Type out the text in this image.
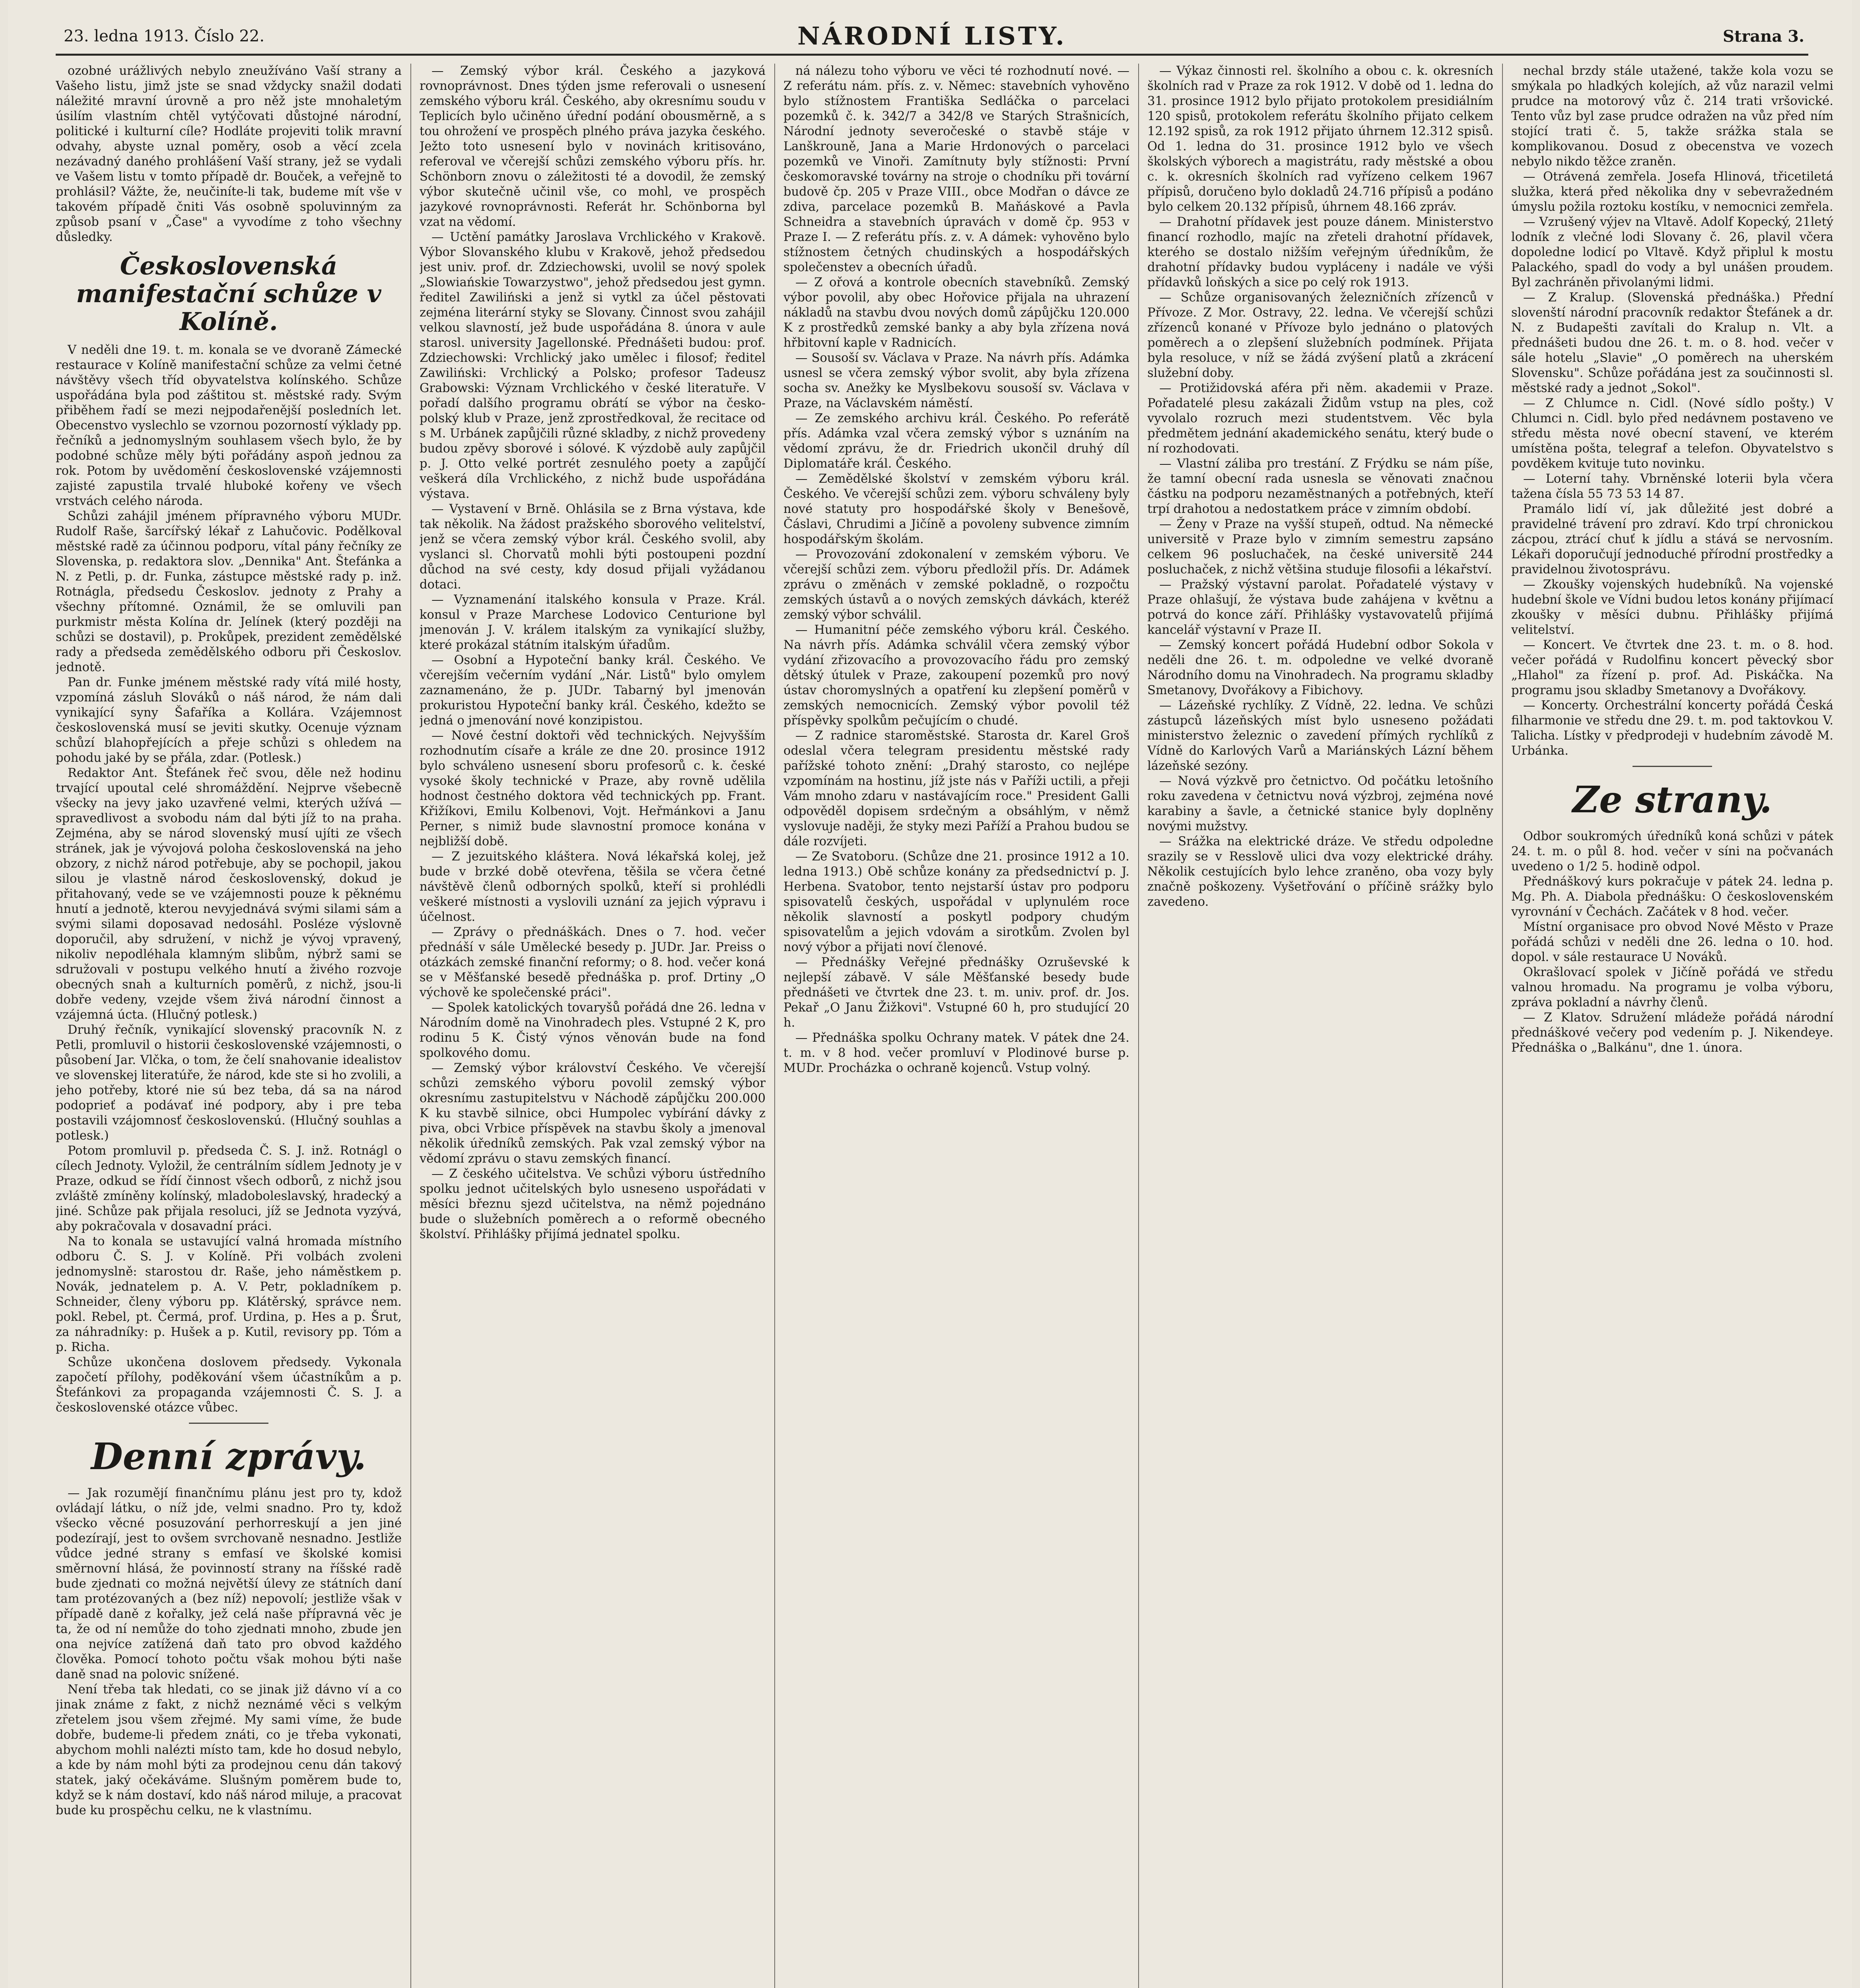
23. ledna 1913. Číslo 22.	NÁRODNÍ LISTY.	Strana 3.

ozobné urážlivých nebylo zneužíváno Vaší strany a Vašeho listu, jimž jste se snad vždycky snažil dodati náležité mravní úrovně a pro něž jste mnohaletým úsilím vlastním chtěl vytýčovati důstojné národní, politické i kulturní cíle? Hodláte projeviti tolik mravní odvahy, abyste uznal poměry, osob a věcí zcela nezávadný daného prohlášení Vaší strany, jež se vydali ve Vašem listu v tomto případě dr. Bouček, a veřejně to prohlásil? Vážte, že, neučiníte-li tak, budeme mít vše v takovém případě čniti Vás osobně spoluvinným za způsob psaní v „Čase" a vyvodíme z toho všechny důsledky.

Československá manifestační schůze v Kolíně.

V neděli dne 19. t. m. konala se ve dvoraně Zámecké restaurace v Kolíně manifestační schůze za velmi četné návštěvy všech tříd obyvatelstva kolínského. Schůze uspořádána byla pod záštitou st. městské rady. Svým přiběhem řadí se mezi nejpodařenější posledních let. Obecenstvo vyslechlo se vzornou pozorností výklady pp. řečníků a jednomyslným souhlasem všech bylo, že by podobné schůze měly býti pořádány aspoň jednou za rok. Potom by uvědomění československé vzájemnosti zajisté zapustila trvalé hluboké kořeny ve všech vrstvách celého národa.

Schůzi zahájil jménem přípravného výboru MUDr. Rudolf Raše, šarcířský lékař z Lahučovic. Podělkoval městské radě za účinnou podporu, vítal pány řečníky ze Slovenska, p. redaktora slov. „Dennika" Ant. Štefánka a N. z Petli, p. dr. Funka, zástupce městské rady p. inž. Rotnágla, předsedu Českoslov. jednoty z Prahy a všechny přítomné. Oznámil, že se omluvili pan purkmistr města Kolína dr. Jelínek (který později na schůzi se dostavil), p. Prokůpek, prezident zemědělské rady a předseda zemědělského odboru při Českoslov. jednotě.

Pan dr. Funke jménem městské rady vítá milé hosty, vzpomíná zásluh Slováků o náš národ, že nám dali vynikající syny Šafaříka a Kollára. Vzájemnost československá musí se jeviti skutky. Ocenuje význam schůzí blahopřejících a přeje schůzi s ohledem na pohodu jaké by se přála, zdar. (Potlesk.)

Redaktor Ant. Štefánek řeč svou, děle než hodinu trvající upoutal celé shromáždění. Nejprve všebecně všecky na jevy jako uzavřené velmi, kterých užívá — spravedlivost a svobodu nám dal býti jíž to na praha. Zejména, aby se národ slovenský musí ujíti ze všech stránek, jak je vývojová poloha československá na jeho obzory, z nichž národ potřebuje, aby se pochopil, jakou silou je vlastně národ československý, dokud je přitahovaný, vede se ve vzájemnosti pouze k pěknému hnutí a jednotě, kterou nevyjednává svými silami sám a svými silami doposavad nedosáhl. Posléze výslovně doporučil, aby sdružení, v nichž je vývoj vpravený, nikoliv nepodléhala klamným slibům, nýbrž sami se sdružovali v postupu velkého hnutí a živého rozvoje obecných snah a kulturních poměrů, z nichž, jsou-li dobře vedeny, vzejde všem živá národní činnost a vzájemná úcta. (Hlučný potlesk.)

Druhý řečník, vynikající slovenský pracovník N. z Petli, promluvil o historii československé vzájemnosti, o působení Jar. Vlčka, o tom, že čelí snahovanie idealistov ve slovenskej literatúře, že národ, kde ste si ho zvolili, a jeho potřeby, ktoré nie sú bez teba, dá sa na národ podoprieť a podávať iné podpory, aby i pre teba postavili vzájomnosť československú. (Hlučný souhlas a potlesk.)

Potom promluvil p. předseda Č. S. J. inž. Rotnágl o cílech Jednoty. Vyložil, že centrálním sídlem Jednoty je v Praze, odkud se řídí činnost všech odborů, z nichž jsou zvláště zmíněny kolínský, mladoboleslavský, hradecký a jiné. Schůze pak přijala resoluci, jíž se Jednota vyzývá, aby pokračovala v dosavadní práci.

Na to konala se ustavující valná hromada místního odboru Č. S. J. v Kolíně. Při volbách zvoleni jednomyslně: starostou dr. Raše, jeho náměstkem p. Novák, jednatelem p. A. V. Petr, pokladníkem p. Schneider, členy výboru pp. Klátěrský, správce nem. pokl. Rebel, pt. Čermá, prof. Urdina, p. Hes a p. Šrut, za náhradníky: p. Hušek a p. Kutil, revisory pp. Tóm a p. Richa.

Schůze ukončena doslovem předsedy. Vykonala započetí přílohy, poděkování všem účastníkům a p. Štefánkovi za propaganda vzájemnosti Č. S. J. a československé otázce vůbec.

Denní zprávy.

— Jak rozumějí finančnímu plánu jest pro ty, kdož ovládají látku, o níž jde, velmi snadno. Pro ty, kdož všecko věcné posuzování perhorreskují a jen jiné podezírají, jest to ovšem svrchovaně nesnadno. Jestliže vůdce jedné strany s emfasí ve školské komisi směrnovní hlásá, že povinností strany na říšské radě bude zjednati co možná největší úlevy ze státních daní tam protézovaných a (bez níž) nepovolí; jestliže však v případě daně z kořalky, jež celá naše přípravná věc je ta, že od ní nemůže do toho zjednati mnoho, zbude jen ona nejvíce zatížená daň tato pro obvod každého člověka. Pomocí tohoto počtu však mohou býti naše daně snad na polovic snížené.

Není třeba tak hledati, co se jinak již dávno ví a co jinak známe z fakt, z nichž neznámé věci s velkým zřetelem jsou všem zřejmé. My sami víme, že bude dobře, budeme-li předem znáti, co je třeba vykonati, abychom mohli nalézti místo tam, kde ho dosud nebylo, a kde by nám mohl býti za prodejnou cenu dán takový statek, jaký očekáváme. Slušným poměrem bude to, když se k nám dostaví, kdo náš národ miluje, a pracovat bude ku prospěchu celku, ne k vlastnímu.

— Zemský výbor král. Českého a jazyková rovnoprávnost. Dnes týden jsme referovali o usnesení zemského výboru král. Českého, aby okresnímu soudu v Teplicích bylo učiněno úřední podání obousměrně, a s tou ohrožení ve prospěch plného práva jazyka českého. Ježto toto usnesení bylo v novinách kritisováno, referoval ve včerejší schůzi zemského výboru přís. hr. Schönborn znovu o záležitosti té a dovodil, že zemský výbor skutečně učinil vše, co mohl, ve prospěch jazykové rovnoprávnosti. Referát hr. Schönborna byl vzat na vědomí.

— Uctění památky Jaroslava Vrchlického v Krakově. Výbor Slovanského klubu v Krakově, jehož předsedou jest univ. prof. dr. Zdziechowski, uvolil se nový spolek „Slowiańskie Towarzystwo", jehož předsedou jest gymn. ředitel Zawiliński a jenž si vytkl za účel pěstovati zejména literární styky se Slovany. Činnost svou zahájil velkou slavností, jež bude uspořádána 8. února v aule starosl. university Jagellonské. Přednášeti budou: prof. Zdziechowski: Vrchlický jako umělec i filosof; ředitel Zawiliński: Vrchlický a Polsko; profesor Tadeusz Grabowski: Význam Vrchlického v české literatuře. V pořadí dalšího programu obrátí se výbor na česko-polský klub v Praze, jenž zprostředkoval, že recitace od s M. Urbánek zapůjčili různé skladby, z nichž provedeny budou zpěvy sborové i sólové. K výzdobě auly zapůjčil p. J. Otto velké portrét zesnulého poety a zapůjčí veškerá díla Vrchlického, z nichž bude uspořádána výstava.

— Vystavení v Brně. Ohlásila se z Brna výstava, kde tak několik. Na žádost pražského sborového velitelství, jenž se včera zemský výbor král. Českého svolil, aby vyslanci sl. Chorvatů mohli býti postoupeni pozdní důchod na své cesty, kdy dosud přijali vyžádanou dotaci.

— Vyznamenání italského konsula v Praze. Král. konsul v Praze Marchese Lodovico Centurione byl jmenován J. V. králem italským za vynikající služby, které prokázal státním italským úřadům.

— Osobní a Hypoteční banky král. Českého. Ve včerejším večerním vydání „Nár. Listů" bylo omylem zaznamenáno, že p. JUDr. Tabarný byl jmenován prokuristou Hypoteční banky král. Českého, kdežto se jedná o jmenování nové konzipistou.

— Nové čestní doktoři věd technických. Nejvyšším rozhodnutím císaře a krále ze dne 20. prosince 1912 bylo schváleno usnesení sboru profesorů c. k. české vysoké školy technické v Praze, aby rovně udělila hodnost čestného doktora věd technických pp. Frant. Křižíkovi, Emilu Kolbenovi, Vojt. Heřmánkovi a Janu Perner, s nimiž bude slavnostní promoce konána v nejbližší době.

— Z jezuitského kláštera. Nová lékařská kolej, jež bude v brzké době otevřena, těšila se včera četné návštěvě členů odborných spolků, kteří si prohlédli veškeré místnosti a vyslovili uznání za jejich výpravu i účelnost.

— Zprávy o přednáškách. Dnes o 7. hod. večer přednáší v sále Umělecké besedy p. JUDr. Jar. Preiss o otázkách zemské finanční reformy; o 8. hod. večer koná se v Měšťanské besedě přednáška p. prof. Drtiny „O výchově ke společenské práci".

— Spolek katolických tovaryšů pořádá dne 26. ledna v Národním domě na Vinohradech ples. Vstupné 2 K, pro rodinu 5 K. Čistý výnos věnován bude na fond spolkového domu.

— Zemský výbor království Českého. Ve včerejší schůzi zemského výboru povolil zemský výbor okresnímu zastupitelstvu v Náchodě zápůjčku 200.000 K ku stavbě silnice, obci Humpolec vybírání dávky z piva, obci Vrbice příspěvek na stavbu školy a jmenoval několik úředníků zemských. Pak vzal zemský výbor na vědomí zprávu o stavu zemských financí.

— Z českého učitelstva. Ve schůzi výboru ústředního spolku jednot učitelských bylo usneseno uspořádati v měsíci březnu sjezd učitelstva, na němž pojednáno bude o služebních poměrech a o reformě obecného školství. Přihlášky přijímá jednatel spolku.

ná nálezu toho výboru ve věci té rozhodnutí nové. — Z referátu nám. přís. z. v. Němec: stavebních vyhověno bylo stížnostem Františka Sedláčka o parcelaci pozemků č. k. 342/7 a 342/8 ve Starých Strašnicích, Národní jednoty severočeské o stavbě stáje v Lanškrouně, Jana a Marie Hrdonových o parcelaci pozemků ve Vinoři. Zamítnuty byly stížnosti: První českomoravské továrny na stroje o chodníku při tovární budově čp. 205 v Praze VIII., obce Modřan o dávce ze zdiva, parcelace pozemků B. Maňáskové a Pavla Schneidra a stavebních úpravách v domě čp. 953 v Praze I. — Z referátu přís. z. v. A dámek: vyhověno bylo stížnostem četných chudinských a hospodářských společenstev a obecních úřadů.

— Z ořová a kontrole obecních stavebníků. Zemský výbor povolil, aby obec Hořovice přijala na uhrazení nákladů na stavbu dvou nových domů zápůjčku 120.000 K z prostředků zemské banky a aby byla zřízena nová hřbitovní kaple v Radnicích.

— Sousoší sv. Václava v Praze. Na návrh přís. Adámka usnesl se včera zemský výbor svolit, aby byla zřízena socha sv. Anežky ke Myslbekovu sousoší sv. Václava v Praze, na Václavském náměstí.

— Ze zemského archivu král. Českého. Po referátě přís. Adámka vzal včera zemský výbor s uznáním na vědomí zprávu, že dr. Friedrich ukončil druhý díl Diplomatáře král. Českého.

— Zemědělské školství v zemském výboru král. Českého. Ve včerejší schůzi zem. výboru schváleny byly nové statuty pro hospodářské školy v Benešově, Čáslavi, Chrudimi a Jičíně a povoleny subvence zimním hospodářským školám.

— Provozování zdokonalení v zemském výboru. Ve včerejší schůzi zem. výboru předložil přís. Dr. Adámek zprávu o změnách v zemské pokladně, o rozpočtu zemských ústavů a o nových zemských dávkách, kteréž zemský výbor schválil.

— Humanitní péče zemského výboru král. Českého. Na návrh přís. Adámka schválil včera zemský výbor vydání zřizovacího a provozovacího řádu pro zemský dětský útulek v Praze, zakoupení pozemků pro nový ústav choromyslných a opatření ku zlepšení poměrů v zemských nemocnicích. Zemský výbor povolil též příspěvky spolkům pečujícím o chudé.

— Z radnice staroměstské. Starosta dr. Karel Groš odeslal včera telegram presidentu městské rady pařížské tohoto znění: „Drahý starosto, co nejlépe vzpomínám na hostinu, jíž jste nás v Paříži uctili, a přeji Vám mnoho zdaru v nastávajícím roce." President Galli odpověděl dopisem srdečným a obsáhlým, v němž vyslovuje naději, že styky mezi Paříží a Prahou budou se dále rozvíjeti.

— Ze Svatoboru. (Schůze dne 21. prosince 1912 a 10. ledna 1913.) Obě schůze konány za předsednictví p. J. Herbena. Svatobor, tento nejstarší ústav pro podporu spisovatelů českých, uspořádal v uplynulém roce několik slavností a poskytl podpory chudým spisovatelům a jejich vdovám a sirotkům. Zvolen byl nový výbor a přijati noví členové.

— Přednášky Veřejné přednášky Ozruševské k nejlepší zábavě. V sále Měšťanské besedy bude přednášeti ve čtvrtek dne 23. t. m. univ. prof. dr. Jos. Pekař „O Janu Žižkovi". Vstupné 60 h, pro studující 20 h.

— Přednáška spolku Ochrany matek. V pátek dne 24. t. m. v 8 hod. večer promluví v Plodinové burse p. MUDr. Procházka o ochraně kojenců. Vstup volný.

— Výkaz činnosti rel. školního a obou c. k. okresních školních rad v Praze za rok 1912. V době od 1. ledna do 31. prosince 1912 bylo přijato protokolem presidiálním 120 spisů, protokolem referátu školního přijato celkem 12.192 spisů, za rok 1912 přijato úhrnem 12.312 spisů. Od 1. ledna do 31. prosince 1912 bylo ve všech školských výborech a magistrátu, rady městské a obou c. k. okresních školních rad vyřízeno celkem 1967 přípisů, doručeno bylo dokladů 24.716 přípisů a podáno bylo celkem 20.132 přípisů, úhrnem 48.166 zpráv.

— Drahotní přídavek jest pouze dánem. Ministerstvo financí rozhodlo, majíc na zřeteli drahotní přídavek, kterého se dostalo nižším veřejným úředníkům, že drahotní přídavky budou vypláceny i nadále ve výši přídavků loňských a sice po celý rok 1913.

— Schůze organisovaných železničních zřízenců v Přívoze. Z Mor. Ostravy, 22. ledna. Ve včerejší schůzi zřízenců konané v Přívoze bylo jednáno o platových poměrech a o zlepšení služebních podmínek. Přijata byla resoluce, v níž se žádá zvýšení platů a zkrácení služební doby.

— Protižidovská aféra při něm. akademii v Praze. Pořadatelé plesu zakázali Židům vstup na ples, což vyvolalo rozruch mezi studentstvem. Věc byla předmětem jednání akademického senátu, který bude o ní rozhodovati.

— Vlastní záliba pro trestání. Z Frýdku se nám píše, že tamní obecní rada usnesla se věnovati značnou částku na podporu nezaměstnaných a potřebných, kteří trpí drahotou a nedostatkem práce v zimním období.

— Ženy v Praze na vyšší stupeň, odtud. Na německé universitě v Praze bylo v zimním semestru zapsáno celkem 96 posluchaček, na české universitě 244 posluchaček, z nichž většina studuje filosofii a lékařství.

— Pražský výstavní parolat. Pořadatelé výstavy v Praze ohlašují, že výstava bude zahájena v květnu a potrvá do konce září. Přihlášky vystavovatelů přijímá kancelář výstavní v Praze II.

— Zemský koncert pořádá Hudební odbor Sokola v neděli dne 26. t. m. odpoledne ve velké dvoraně Národního domu na Vinohradech. Na programu skladby Smetanovy, Dvořákovy a Fibichovy.

— Lázeňské rychlíky. Z Vídně, 22. ledna. Ve schůzi zástupců lázeňských míst bylo usneseno požádati ministerstvo železnic o zavedení přímých rychlíků z Vídně do Karlových Varů a Mariánských Lázní během lázeňské sezóny.

— Nová výzkvě pro četnictvo. Od počátku letošního roku zavedena v četnictvu nová výzbroj, zejména nové karabiny a šavle, a četnické stanice byly doplněny novými mužstvy.

— Srážka na elektrické dráze. Ve středu odpoledne srazily se v Resslově ulici dva vozy elektrické dráhy. Několik cestujících bylo lehce zraněno, oba vozy byly značně poškozeny. Vyšetřování o příčině srážky bylo zavedeno.

nechal brzdy stále utažené, takže kola vozu se smýkala po hladkých kolejích, až vůz narazil velmi prudce na motorový vůz č. 214 trati vršovické. Tento vůz byl zase prudce odražen na vůz před ním stojící trati č. 5, takže srážka stala se komplikovanou. Dosud z obecenstva ve vozech nebylo nikdo těžce zraněn.

— Otrávená zemřela. Josefa Hlinová, třicetiletá služka, která před několika dny v sebevražedném úmyslu požila roztoku kostíku, v nemocnici zemřela.

— Vzrušený výjev na Vltavě. Adolf Kopecký, 21letý lodník z vlečné lodi Slovany č. 26, plavil včera dopoledne lodicí po Vltavě. Když připlul k mostu Palackého, spadl do vody a byl unášen proudem. Byl zachráněn přivolanými lidmi.

— Z Kralup. (Slovenská přednáška.) Přední slovenští národní pracovník redaktor Štefánek a dr. N. z Budapešti zavítali do Kralup n. Vlt. a přednášeti budou dne 26. t. m. o 8. hod. večer v sále hotelu „Slavie" „O poměrech na uherském Slovensku". Schůze pořádána jest za součinnosti sl. městské rady a jednot „Sokol".

— Z Chlumce n. Cidl. (Nové sídlo pošty.) V Chlumci n. Cidl. bylo před nedávnem postaveno ve středu města nové obecní stavení, ve kterém umístěna pošta, telegraf a telefon. Obyvatelstvo s povděkem kvituje tuto novinku.

— Loterní tahy. Vbrněnské loterii byla včera tažena čísla 55 73 53 14 87.

Pramálo lidí ví, jak důležité jest dobré a pravidelné trávení pro zdraví. Kdo trpí chronickou zácpou, ztrácí chuť k jídlu a stává se nervosním. Lékaři doporučují jednoduché přírodní prostředky a pravidelnou životosprávu.

— Zkoušky vojenských hudebníků. Na vojenské hudební škole ve Vídni budou letos konány přijímací zkoušky v měsíci dubnu. Přihlášky přijímá velitelství.

— Koncert. Ve čtvrtek dne 23. t. m. o 8. hod. večer pořádá v Rudolfinu koncert pěvecký sbor „Hlahol" za řízení p. prof. Ad. Piskáčka. Na programu jsou skladby Smetanovy a Dvořákovy.

— Koncerty. Orchestrální koncerty pořádá Česká filharmonie ve středu dne 29. t. m. pod taktovkou V. Talicha. Lístky v předprodeji v hudebním závodě M. Urbánka.

Ze strany.

Odbor soukromých úředníků koná schůzi v pátek 24. t. m. o půl 8. hod. večer v síni na počvanách uvedeno o 1/2 5. hodině odpol.

Přednáškový kurs pokračuje v pátek 24. ledna p. Mg. Ph. A. Diabola přednášku: O československém vyrovnání v Čechách. Začátek v 8 hod. večer.

Místní organisace pro obvod Nové Město v Praze pořádá schůzi v neděli dne 26. ledna o 10. hod. dopol. v sále restaurace U Nováků.

Okrašlovací spolek v Jičíně pořádá ve středu valnou hromadu. Na programu je volba výboru, zpráva pokladní a návrhy členů.

— Z Klatov. Sdružení mládeže pořádá národní přednáškové večery pod vedením p. J. Nikendeye. Přednáška o „Balkánu", dne 1. února.
